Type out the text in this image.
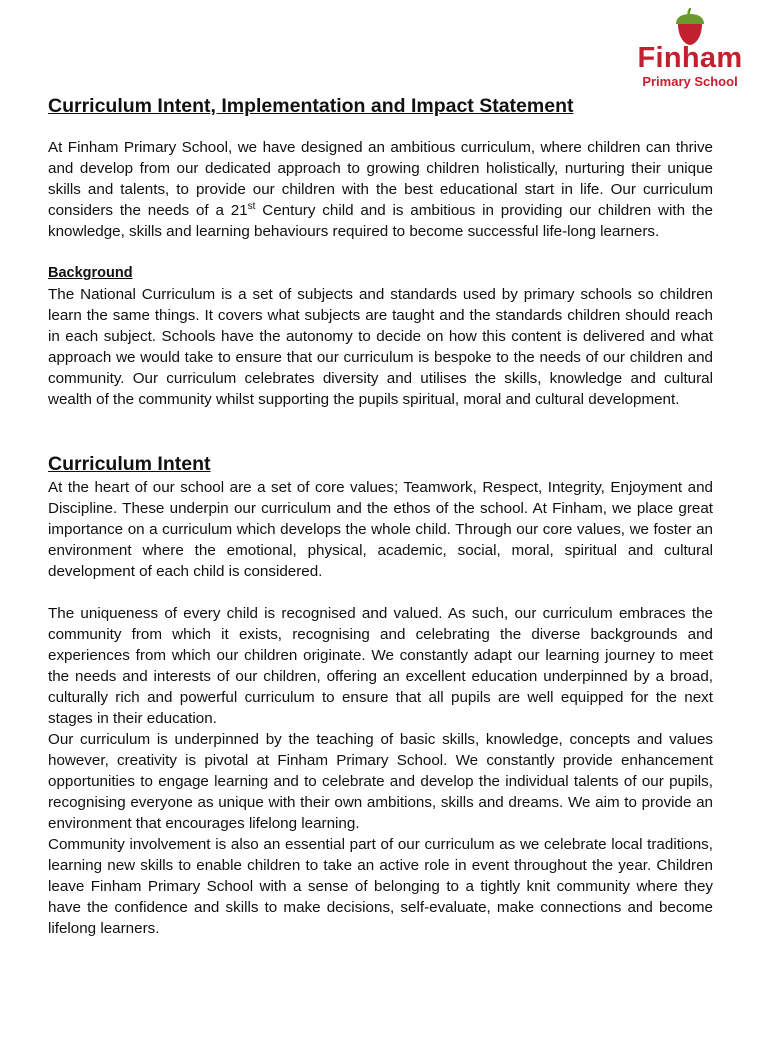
Finham
Primary School
Curriculum Intent, Implementation and Impact Statement

At Finham Primary School, we have designed an ambitious curriculum, where children can thrive and develop from our dedicated approach to growing children holistically, nurturing their unique skills and talents, to provide our children with the best educational start in life. Our curriculum considers the needs of a 21st Century child and is ambitious in providing our children with the knowledge, skills and learning behaviours required to become successful life-long learners.

Background

The National Curriculum is a set of subjects and standards used by primary schools so children learn the same things. It covers what subjects are taught and the standards children should reach in each subject. Schools have the autonomy to decide on how this content is delivered and what approach we would take to ensure that our curriculum is bespoke to the needs of our children and community. Our curriculum celebrates diversity and utilises the skills, knowledge and cultural wealth of the community whilst supporting the pupils spiritual, moral and cultural development.

Curriculum Intent

At the heart of our school are a set of core values; Teamwork, Respect, Integrity, Enjoyment and Discipline. These underpin our curriculum and the ethos of the school. At Finham, we place great importance on a curriculum which develops the whole child. Through our core values, we foster an environment where the emotional, physical, academic, social, moral, spiritual and cultural development of each child is considered.

The uniqueness of every child is recognised and valued. As such, our curriculum embraces the community from which it exists, recognising and celebrating the diverse backgrounds and experiences from which our children originate. We constantly adapt our learning journey to meet the needs and interests of our children, offering an excellent education underpinned by a broad, culturally rich and powerful curriculum to ensure that all pupils are well equipped for the next stages in their education.

Our curriculum is underpinned by the teaching of basic skills, knowledge, concepts and values however, creativity is pivotal at Finham Primary School. We constantly provide enhancement opportunities to engage learning and to celebrate and develop the individual talents of our pupils, recognising everyone as unique with their own ambitions, skills and dreams. We aim to provide an environment that encourages lifelong learning.

Community involvement is also an essential part of our curriculum as we celebrate local traditions, learning new skills to enable children to take an active role in event throughout the year. Children leave Finham Primary School with a sense of belonging to a tightly knit community where they have the confidence and skills to make decisions, self-evaluate, make connections and become lifelong learners.
